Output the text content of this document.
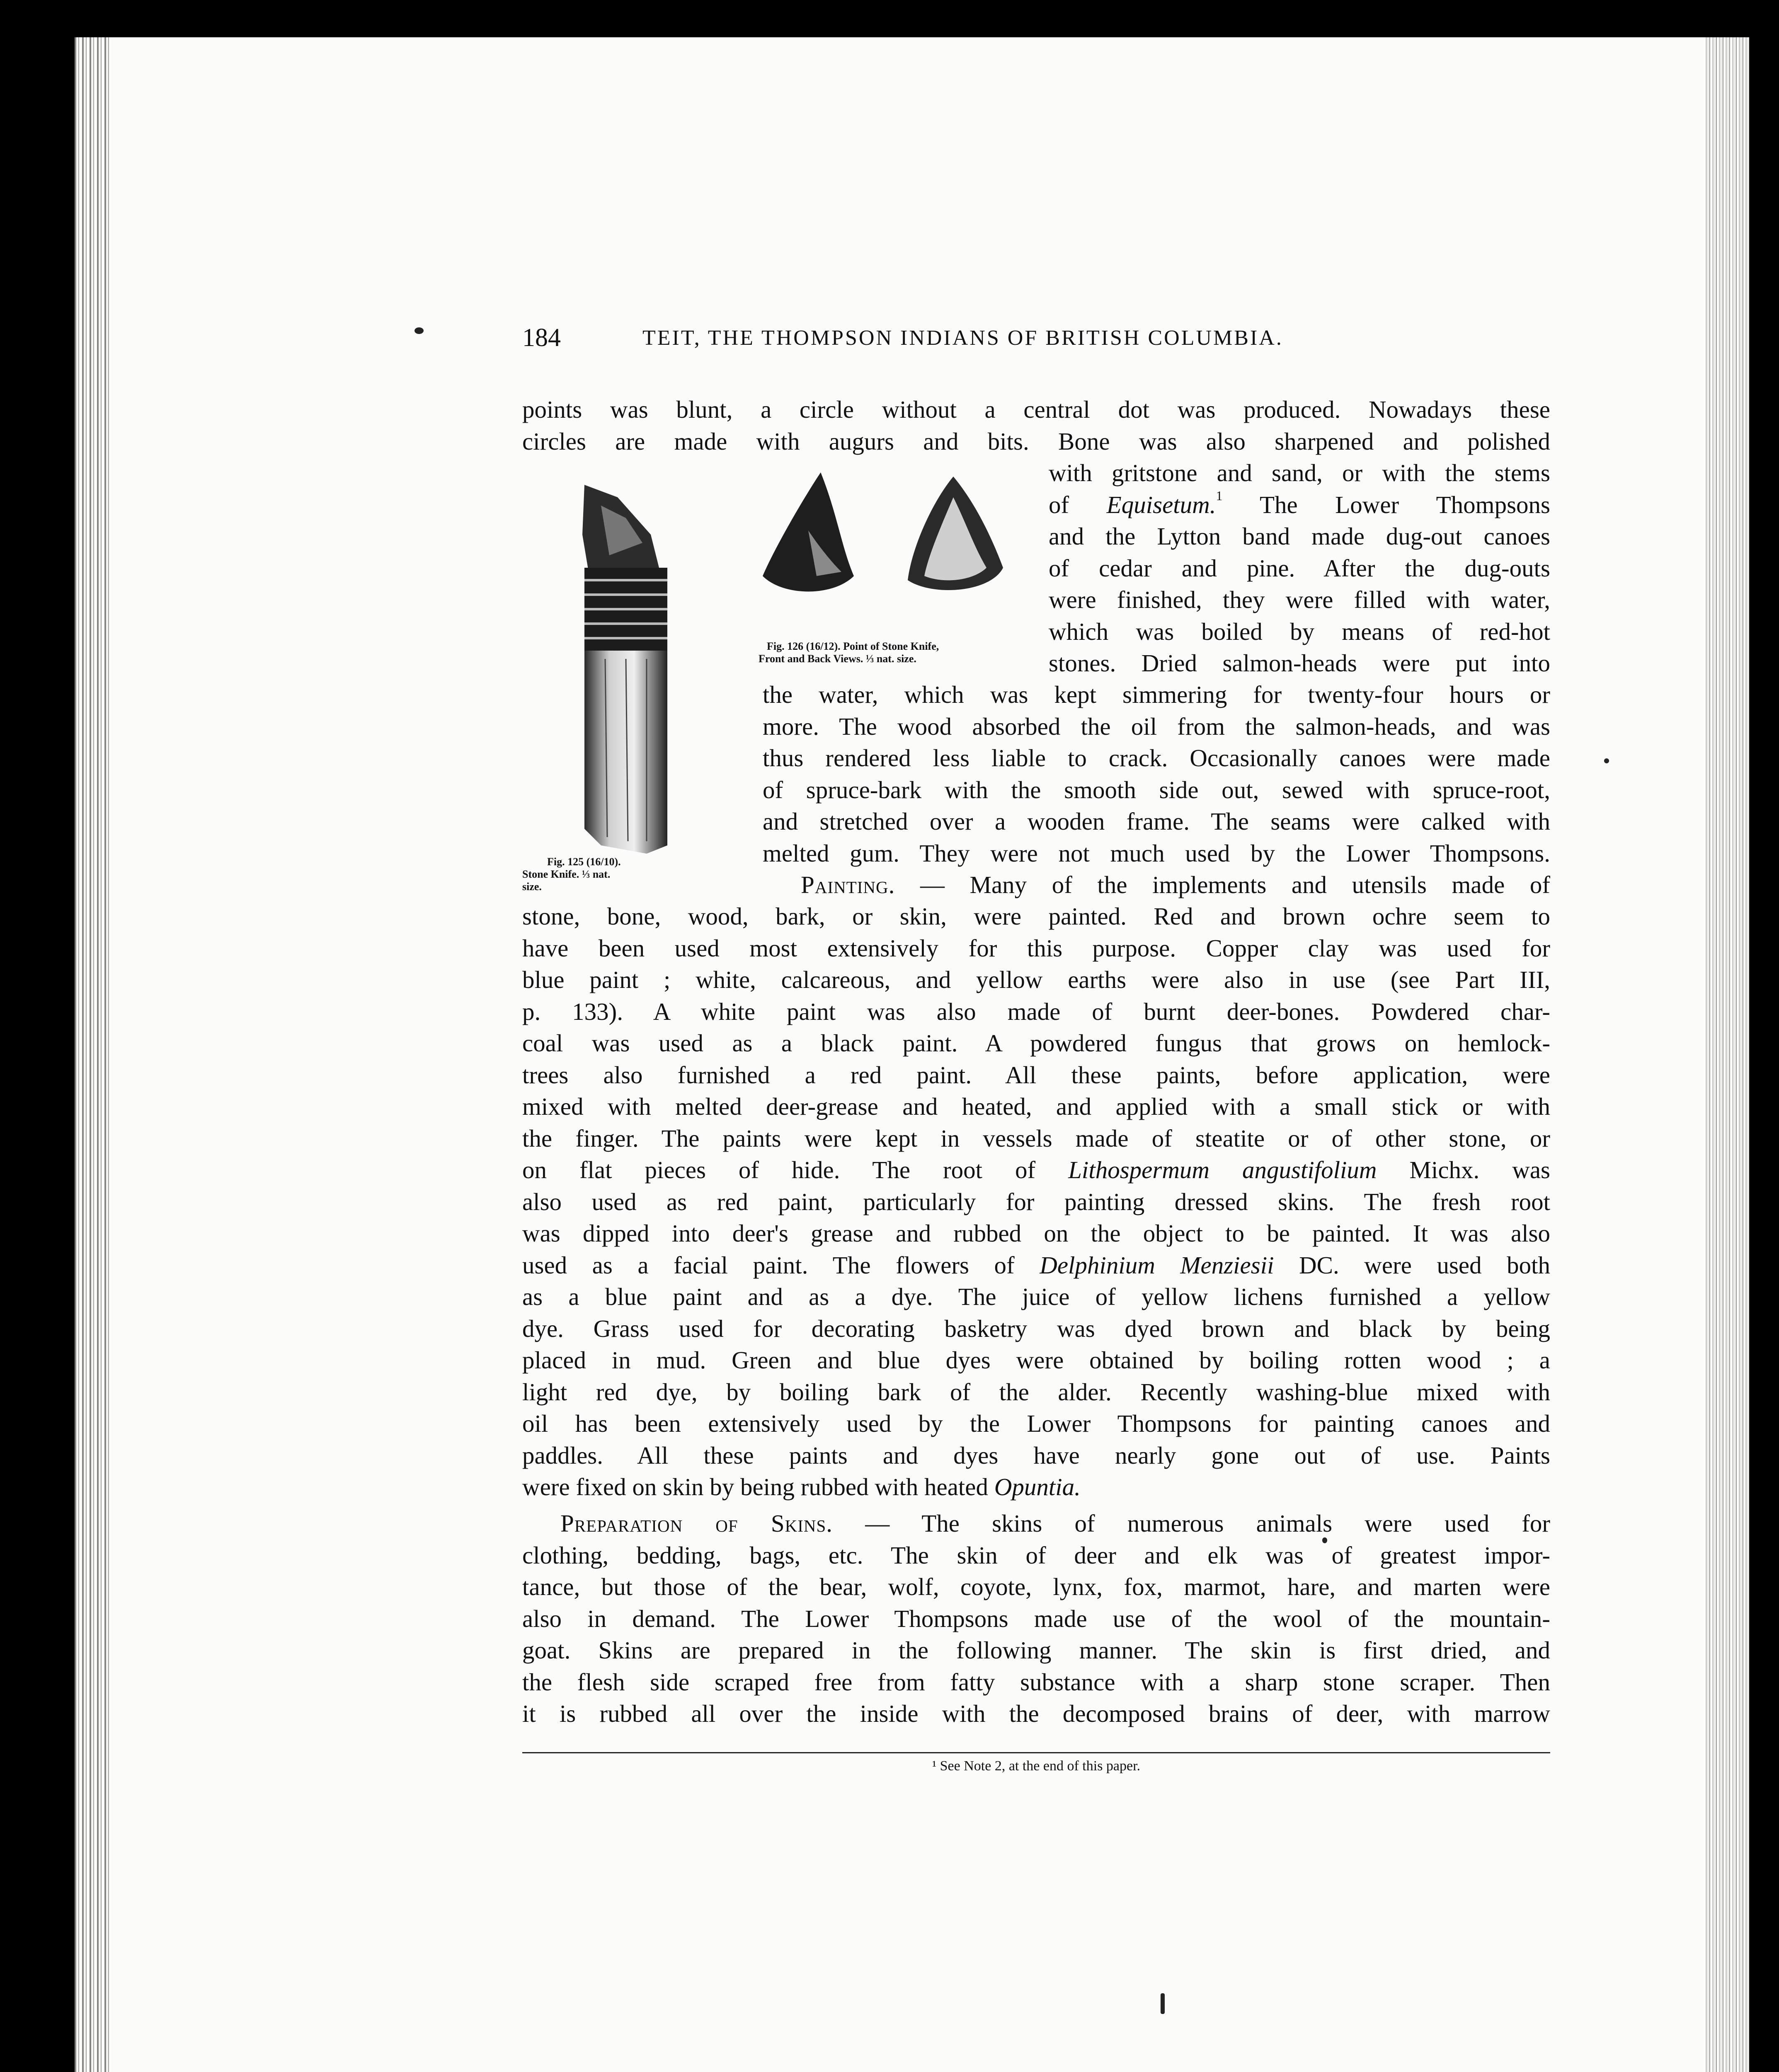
184	TEIT, THE THOMPSON INDIANS OF BRITISH COLUMBIA.
points was blunt, a circle without a central dot was produced. Nowadays these
circles are made with augurs and bits. Bone was also sharpened and polished
Fig. 125 (16/10).
Stone Knife. ⅓ nat.
size.
Fig. 126 (16/12). Point of Stone Knife,
Front and Back Views. ⅓ nat. size.
with gritstone and sand, or with the stems
of Equisetum.$^1$ The Lower Thompsons
and the Lytton band made dug-out canoes
of cedar and pine. After the dug-outs
were finished, they were filled with water,
which was boiled by means of red-hot
stones. Dried salmon-heads were put into
the water, which was kept simmering for twenty-four hours or
more. The wood absorbed the oil from the salmon-heads, and was
thus rendered less liable to crack. Occasionally canoes were made
of spruce-bark with the smooth side out, sewed with spruce-root,
and stretched over a wooden frame. The seams were calked with
melted gum. They were not much used by the Lower Thompsons.
Painting. — Many of the implements and utensils made of
stone, bone, wood, bark, or skin, were painted. Red and brown ochre seem to
have been used most extensively for this purpose. Copper clay was used for
blue paint ; white, calcareous, and yellow earths were also in use (see Part III,
p. 133). A white paint was also made of burnt deer-bones. Powdered char-
coal was used as a black paint. A powdered fungus that grows on hemlock-
trees also furnished a red paint. All these paints, before application, were
mixed with melted deer-grease and heated, and applied with a small stick or with
the finger. The paints were kept in vessels made of steatite or of other stone, or
on flat pieces of hide. The root of Lithospermum angustifolium Michx. was
also used as red paint, particularly for painting dressed skins. The fresh root
was dipped into deer's grease and rubbed on the object to be painted. It was also
used as a facial paint. The flowers of Delphinium Menziesii DC. were used both
as a blue paint and as a dye. The juice of yellow lichens furnished a yellow
dye. Grass used for decorating basketry was dyed brown and black by being
placed in mud. Green and blue dyes were obtained by boiling rotten wood ; a
light red dye, by boiling bark of the alder. Recently washing-blue mixed with
oil has been extensively used by the Lower Thompsons for painting canoes and
paddles. All these paints and dyes have nearly gone out of use. Paints
were fixed on skin by being rubbed with heated Opuntia.
Preparation of Skins. — The skins of numerous animals were used for
clothing, bedding, bags, etc. The skin of deer and elk was of greatest impor-
tance, but those of the bear, wolf, coyote, lynx, fox, marmot, hare, and marten were
also in demand. The Lower Thompsons made use of the wool of the mountain-
goat. Skins are prepared in the following manner. The skin is first dried, and
the flesh side scraped free from fatty substance with a sharp stone scraper. Then
it is rubbed all over the inside with the decomposed brains of deer, with marrow
¹ See Note 2, at the end of this paper.
